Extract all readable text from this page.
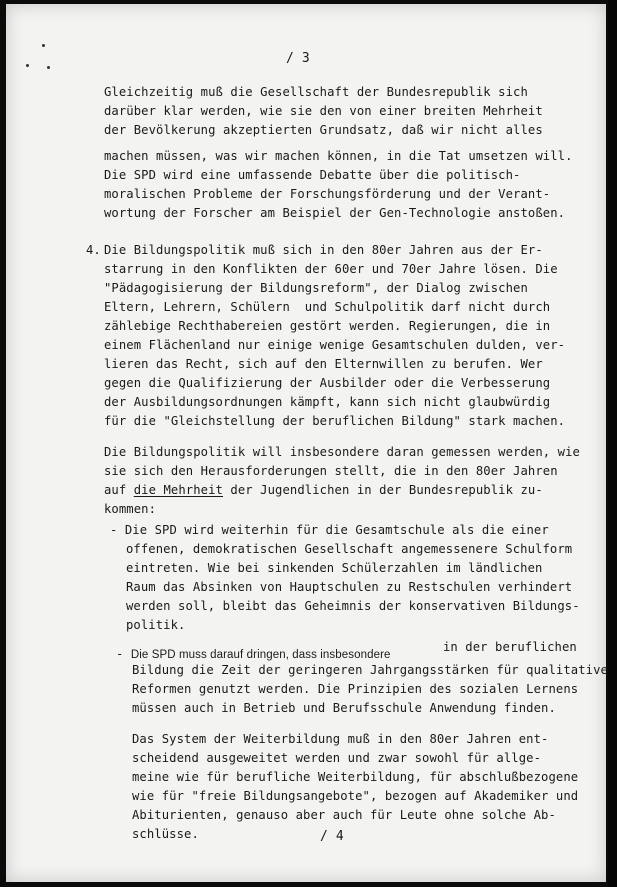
/ 3
Gleichzeitig muß die Gesellschaft der Bundesrepublik sich
darüber klar werden, wie sie den von einer breiten Mehrheit
der Bevölkerung akzeptierten Grundsatz, daß wir nicht alles
machen müssen, was wir machen können, in die Tat umsetzen will.
Die SPD wird eine umfassende Debatte über die politisch-
moralischen Probleme der Forschungsförderung und der Verant-
wortung der Forscher am Beispiel der Gen-Technologie anstoßen.
4. Die Bildungspolitik muß sich in den 80er Jahren aus der Er-
starrung in den Konflikten der 60er und 70er Jahre lösen. Die
"Pädagogisierung der Bildungsreform", der Dialog zwischen
Eltern, Lehrern, Schülern  und Schulpolitik darf nicht durch
zählebige Rechthabereien gestört werden. Regierungen, die in
einem Flächenland nur einige wenige Gesamtschulen dulden, ver-
lieren das Recht, sich auf den Elternwillen zu berufen. Wer
gegen die Qualifizierung der Ausbilder oder die Verbesserung
der Ausbildungsordnungen kämpft, kann sich nicht glaubwürdig
für die "Gleichstellung der beruflichen Bildung" stark machen.
Die Bildungspolitik will insbesondere daran gemessen werden, wie
sie sich den Herausforderungen stellt, die in den 80er Jahren
auf die Mehrheit der Jugendlichen in der Bundesrepublik zu-
kommen:
- Die SPD wird weiterhin für die Gesamtschule als die einer
offenen, demokratischen Gesellschaft angemessenere Schulform
eintreten. Wie bei sinkenden Schülerzahlen im ländlichen
Raum das Absinken von Hauptschulen zu Restschulen verhindert
werden soll, bleibt das Geheimnis der konservativen Bildungs-
politik.
- Die SPD muss darauf dringen, dass insbesondere
in der beruflichen
Bildung die Zeit der geringeren Jahrgangsstärken für qualitative
Reformen genutzt werden. Die Prinzipien des sozialen Lernens
müssen auch in Betrieb und Berufsschule Anwendung finden.
Das System der Weiterbildung muß in den 80er Jahren ent-
scheidend ausgeweitet werden und zwar sowohl für allge-
meine wie für berufliche Weiterbildung, für abschlußbezogene
wie für "freie Bildungsangebote", bezogen auf Akademiker und
Abiturienten, genauso aber auch für Leute ohne solche Ab-
schlüsse.	/ 4
